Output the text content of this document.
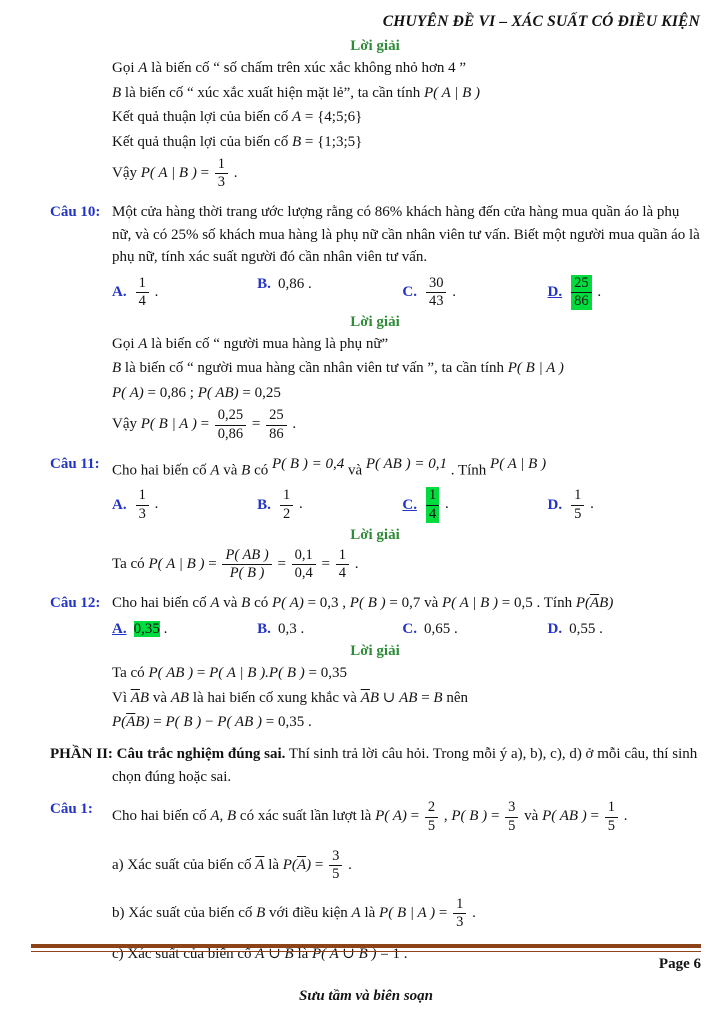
CHUYÊN ĐỀ VI – XÁC SUẤT CÓ ĐIỀU KIỆN
Lời giải
Gọi A là biến cố “ số chấm trên xúc xắc không nhỏ hơn 4 ”
B là biến cố “ xúc xắc xuất hiện mặt lẻ”, ta cần tính P( A | B )
Kết quả thuận lợi của biến cố A = {4;5;6}
Kết quả thuận lợi của biến cố B = {1;3;5}
Vậy P( A | B ) = $\frac{1}{3}$ .
Câu 10: Một cửa hàng thời trang ước lượng rằng có 86% khách hàng đến cửa hàng mua quần áo là phụ nữ, và có 25% số khách mua hàng là phụ nữ cần nhân viên tư vấn. Biết một người mua quần áo là phụ nữ, tính xác suất người đó cần nhân viên tư vấn.
A. $\frac{1}{4}$ .
B. 0,86 .
C. $\frac{30}{43}$ .	D. $\frac{25}{86}$ .
Lời giải
Gọi A là biến cố “ người mua hàng là phụ nữ”
B là biến cố “ người mua hàng cần nhân viên tư vấn ”, ta cần tính P( B | A )
P( A) = 0,86 ; P( AB) = 0,25
Vậy P( B | A ) = $\frac{0,25}{0,86} = \frac{25}{86}$ .
Câu 11: Cho hai biến cố A và B có P( B ) = 0,4 và P( AB ) = 0,1 . Tính P( A | B )
A. $\frac{1}{3}$ .	B. $\frac{1}{2}$ .	C. $\frac{1}{4}$ .	D. $\frac{1}{5}$ .
Lời giải
Ta có P( A | B ) = $\frac{P( AB )}{P( B )} = \frac{0,1}{0,4} = \frac{1}{4}$ .
Câu 12: Cho hai biến cố A và B có P( A) = 0,3 , P( B ) = 0,7 và P( A | B ) = 0,5 . Tính $P(\overline{A}B)$
A. 0,35 .	B. 0,3 .	C. 0,65 .	D. 0,55 .
Lời giải
Ta có P( AB ) = P( A | B ).P( B ) = 0,35
Vì $\overline{A}B$ và AB là hai biến cố xung khắc và $\overline{A}B$ ∪ AB = B nên
$P(\overline{A}B) = P$( B ) − P( AB ) = 0,35 .
PHẦN II: Câu trắc nghiệm đúng sai. Thí sinh trả lời câu hỏi. Trong mỗi ý a), b), c), d) ở mỗi câu, thí sinh chọn đúng hoặc sai.
Câu 1:	Cho hai biến cố A, B có xác suất lần lượt là P( $A) = \frac{2}{5}$ , P( B ) = $\frac{3}{5}$ và P( AB ) = $\frac{1}{5}$ .
a) Xác suất của biến cố $\overline{A}$ là $P(\overline{A}) = \frac{3}{5}$ .
b) Xác suất của biến cố B với điều kiện A là P( B | A ) = $\frac{1}{3}$ .
c) Xác suất của biến cố A ∪ B là P( A ∪ B ) = 1 .
Page 6
Sưu tầm và biên soạn
